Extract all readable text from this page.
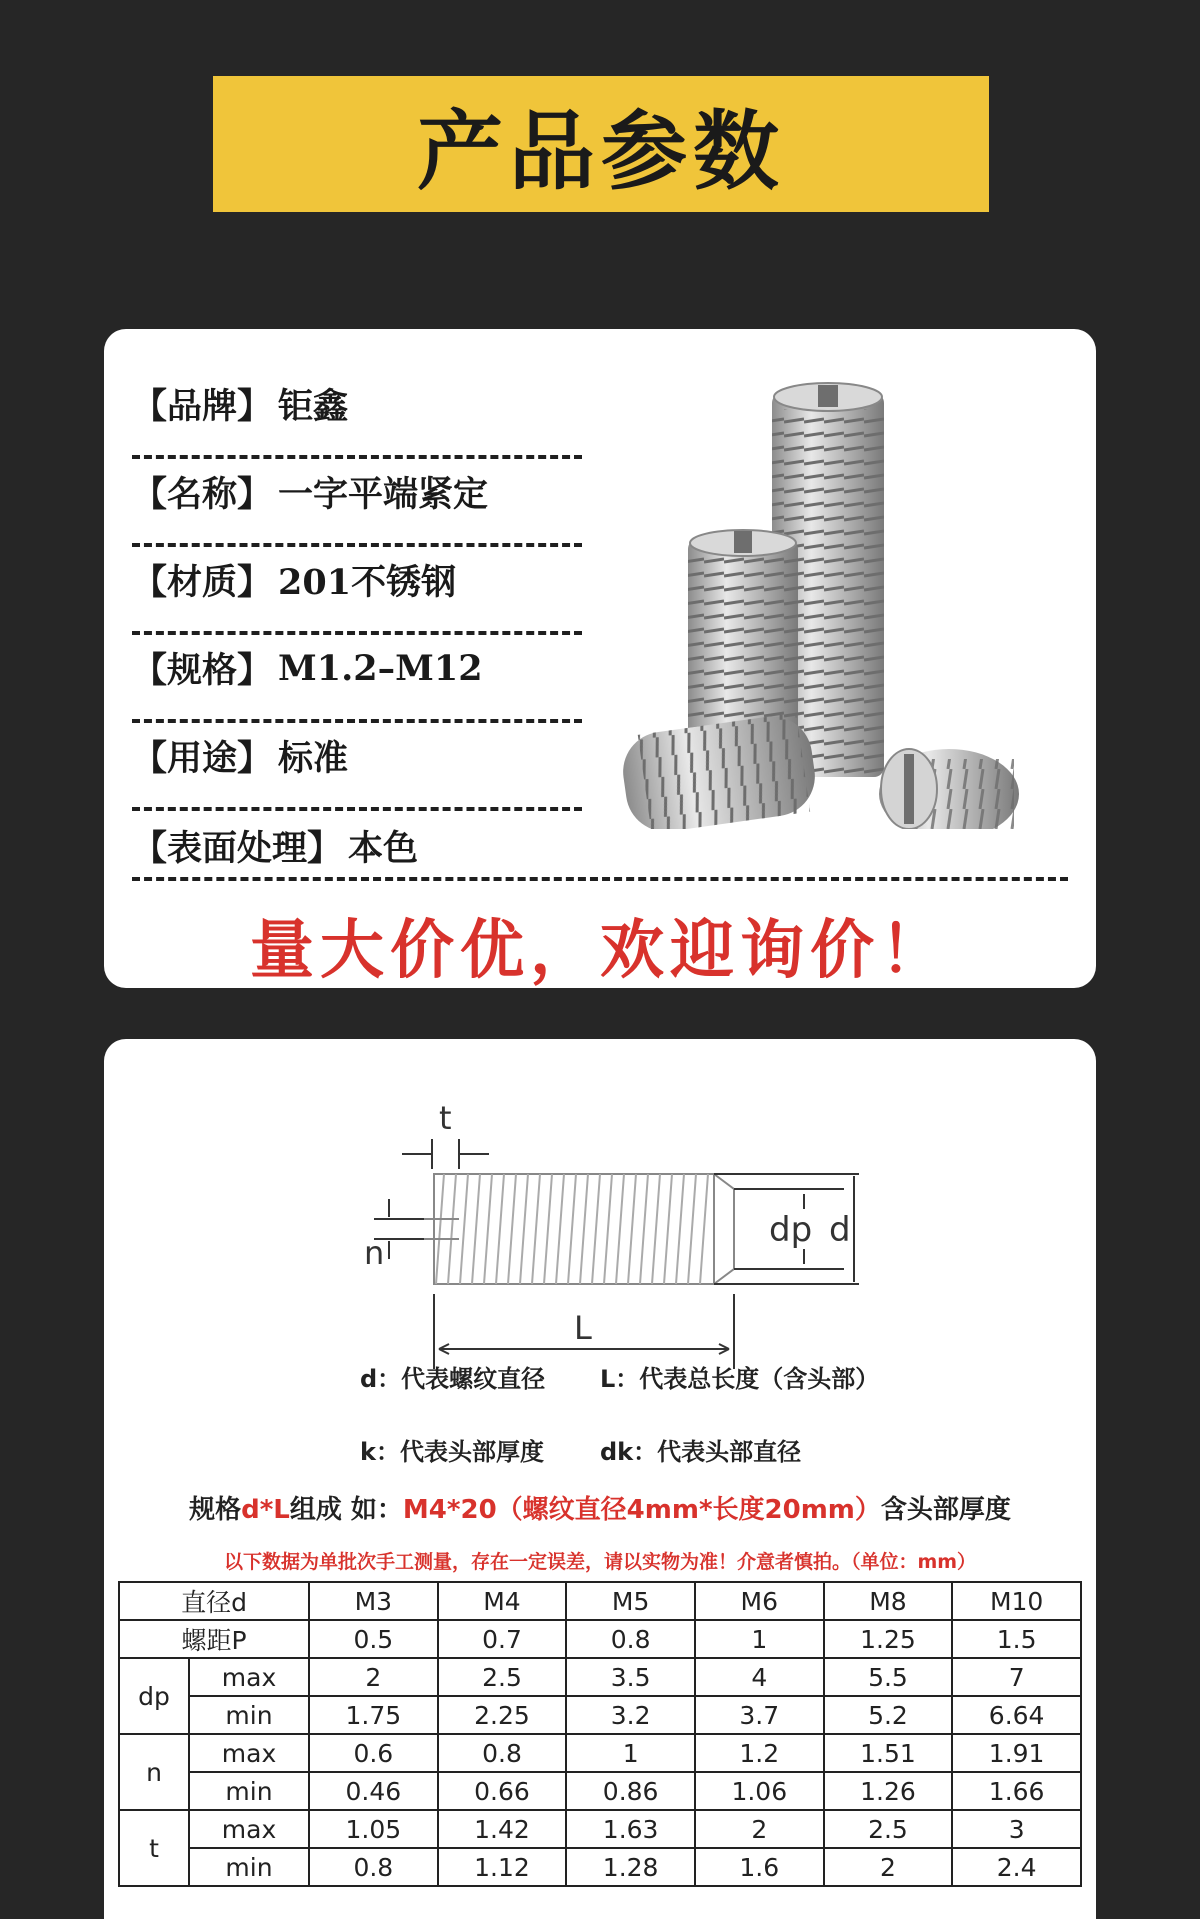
产品参数
【品牌】 钜鑫
【名称】 一字平端紧定
【材质】 201不锈钢
【规格】 M1.2–M12
【用途】 标准
【表面处理】 本色
量大价优，欢迎询价！
t
n
dp d
L
d：代表螺纹直径 L：代表总长度（含头部）
k：代表头部厚度 dk：代表头部直径
规格d*L组成 如：M4*20（螺纹直径4mm*长度20mm）含头部厚度
以下数据为单批次手工测量，存在一定误差，请以实物为准！介意者慎拍。（单位：mm）
直径d		M3	M4	M5	M6	M8	M10
螺距P		0.5	0.7	0.8	1	1.25	1.5
dp	max	2	2.5	3.5	4	5.5	7
	min	1.75	2.25	3.2	3.7	5.2	6.64
n	max	0.6	0.8	1	1.2	1.51	1.91
	min	0.46	0.66	0.86	1.06	1.26	1.66
t	max	1.05	1.42	1.63	2	2.5	3
	min	0.8	1.12	1.28	1.6	2	2.4
